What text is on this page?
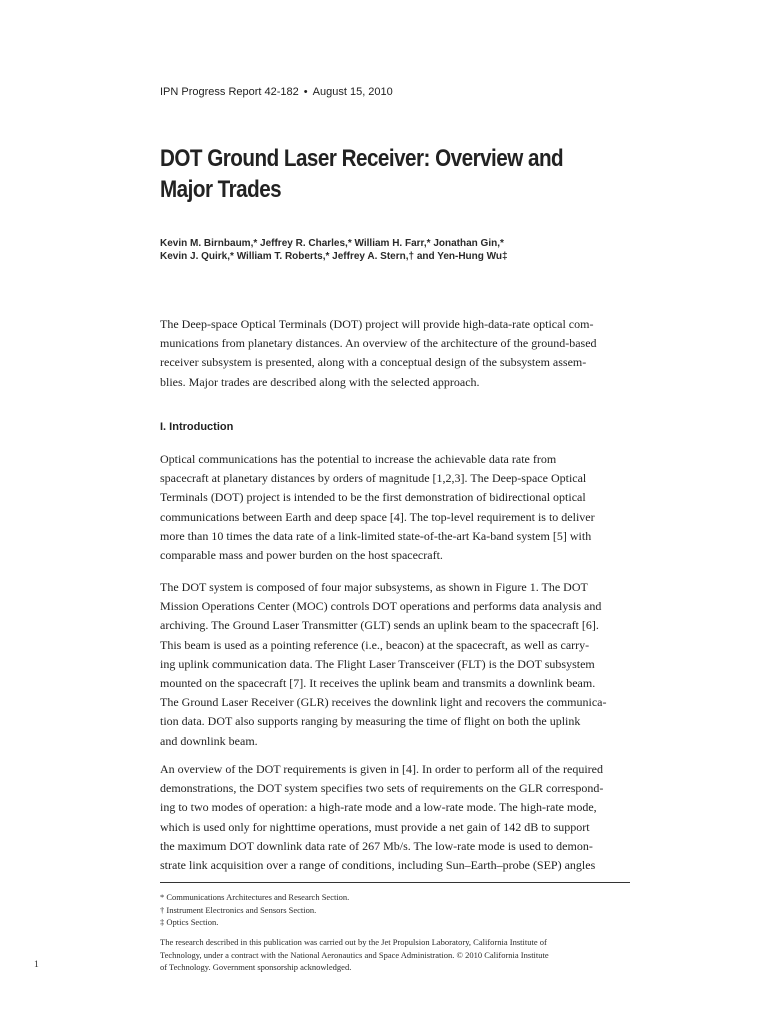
IPN Progress Report 42-182 • August 15, 2010
DOT Ground Laser Receiver: Overview and
Major Trades
Kevin M. Birnbaum,* Jeffrey R. Charles,* William H. Farr,* Jonathan Gin,*
Kevin J. Quirk,* William T. Roberts,* Jeffrey A. Stern,† and Yen-Hung Wu‡
The Deep-space Optical Terminals (DOT) project will provide high-data-rate optical com-
munications from planetary distances. An overview of the architecture of the ground-based
receiver subsystem is presented, along with a conceptual design of the subsystem assem-
blies. Major trades are described along with the selected approach.
I. Introduction
Optical communications has the potential to increase the achievable data rate from
spacecraft at planetary distances by orders of magnitude [1,2,3]. The Deep-space Optical
Terminals (DOT) project is intended to be the first demonstration of bidirectional optical
communications between Earth and deep space [4]. The top-level requirement is to deliver
more than 10 times the data rate of a link-limited state-of-the-art Ka-band system [5] with
comparable mass and power burden on the host spacecraft.
The DOT system is composed of four major subsystems, as shown in Figure 1. The DOT
Mission Operations Center (MOC) controls DOT operations and performs data analysis and
archiving. The Ground Laser Transmitter (GLT) sends an uplink beam to the spacecraft [6].
This beam is used as a pointing reference (i.e., beacon) at the spacecraft, as well as carry-
ing uplink communication data. The Flight Laser Transceiver (FLT) is the DOT subsystem
mounted on the spacecraft [7]. It receives the uplink beam and transmits a downlink beam.
The Ground Laser Receiver (GLR) receives the downlink light and recovers the communica-
tion data. DOT also supports ranging by measuring the time of flight on both the uplink
and downlink beam.
An overview of the DOT requirements is given in [4]. In order to perform all of the required
demonstrations, the DOT system specifies two sets of requirements on the GLR correspond-
ing to two modes of operation: a high-rate mode and a low-rate mode. The high-rate mode,
which is used only for nighttime operations, must provide a net gain of 142 dB to support
the maximum DOT downlink data rate of 267 Mb/s. The low-rate mode is used to demon-
strate link acquisition over a range of conditions, including Sun–Earth–probe (SEP) angles
* Communications Architectures and Research Section.
† Instrument Electronics and Sensors Section.
‡ Optics Section.
The research described in this publication was carried out by the Jet Propulsion Laboratory, California Institute of
Technology, under a contract with the National Aeronautics and Space Administration. © 2010 California Institute
of Technology. Government sponsorship acknowledged.
1
